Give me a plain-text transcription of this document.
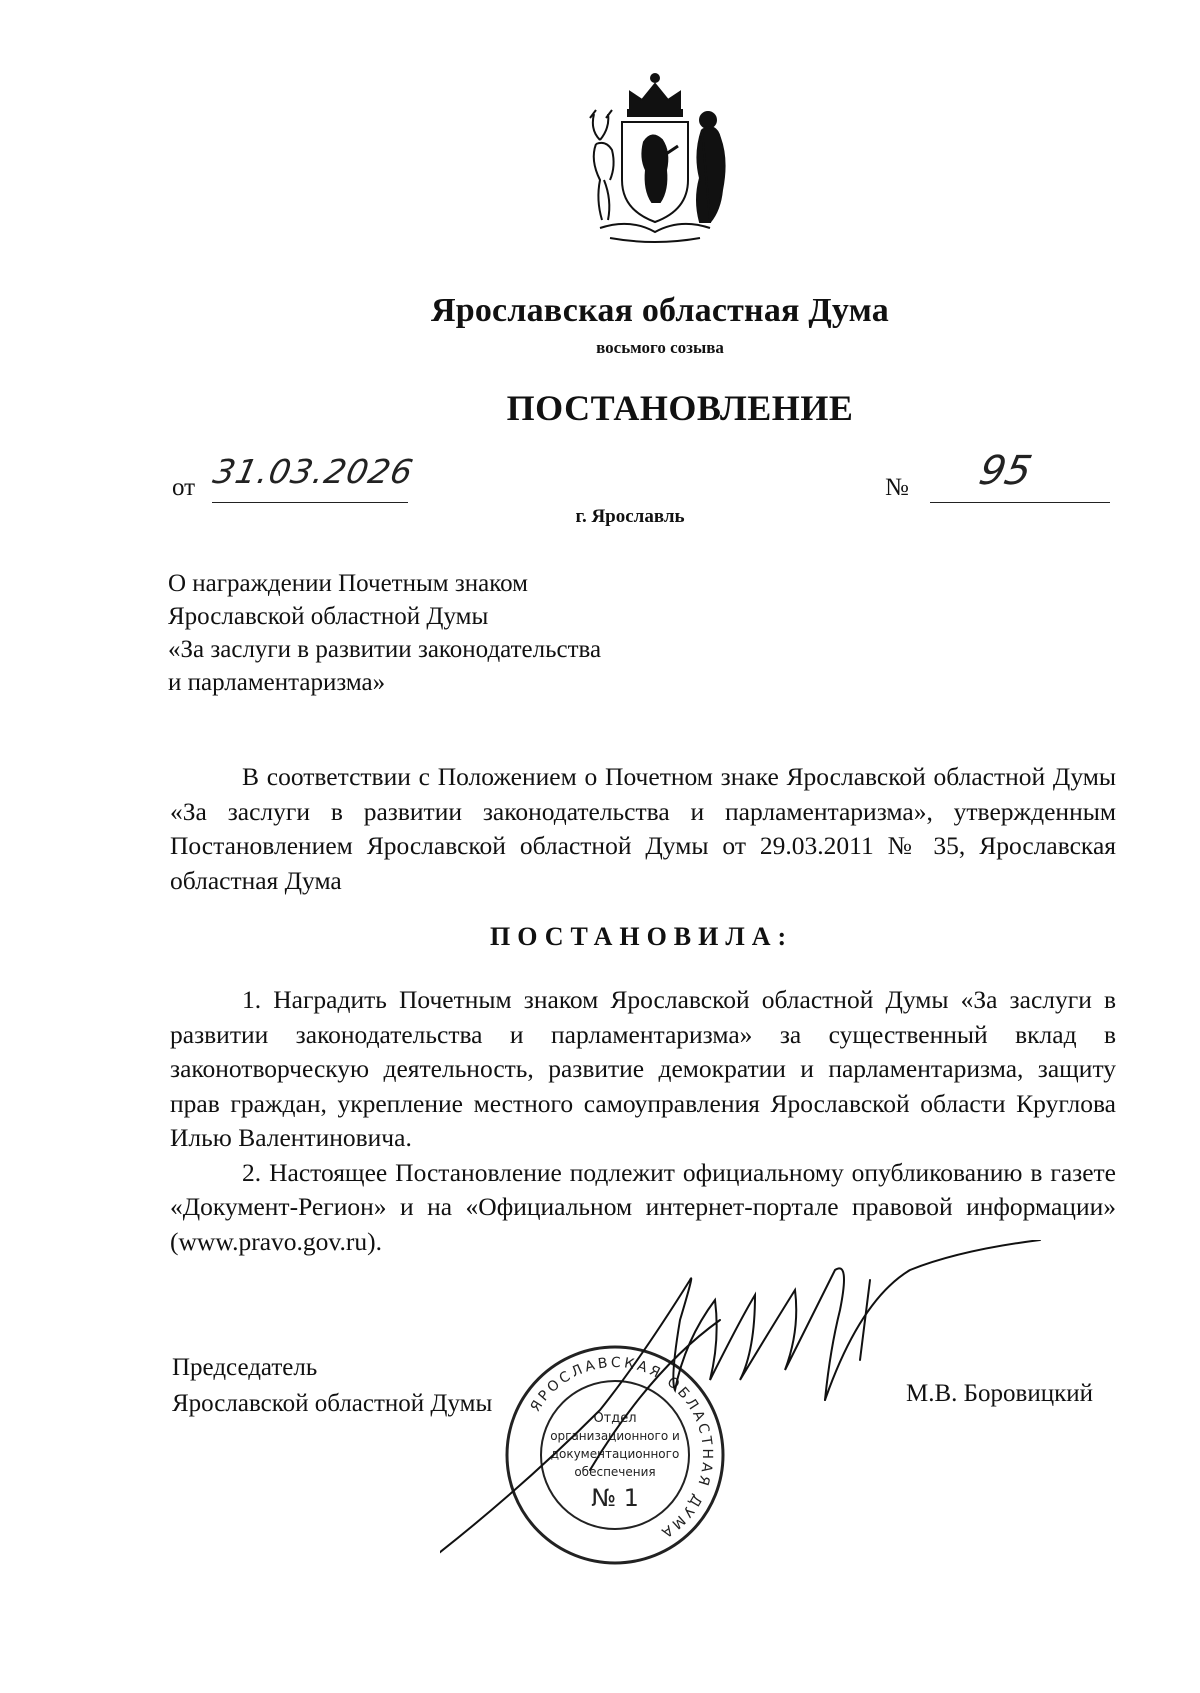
Ярославская областная Дума
восьмого созыва
ПОСТАНОВЛЕНИЕ
от 31.03.2026	№ 95
г. Ярославль
О награждении Почетным знаком
Ярославской областной Думы
«За заслуги в развитии законодательства
и парламентаризма»
В соответствии с Положением о Почетном знаке Ярославской областной Думы «За заслуги в развитии законодательства и парламентаризма», утвержденным Постановлением Ярославской областной Думы от 29.03.2011 № 35, Ярославская областная Дума
ПОСТАНОВИЛА:
1. Наградить Почетным знаком Ярославской областной Думы «За заслуги в развитии законодательства и парламентаризма» за существенный вклад в законотворческую деятельность, развитие демократии и парламентаризма, защиту прав граждан, укрепление местного самоуправления Ярославской области Круглова Илью Валентиновича.
2. Настоящее Постановление подлежит официальному опубликованию в газете «Документ-Регион» и на «Официальном интернет-портале правовой информации» (www.pravo.gov.ru).
Председатель
Ярославской областной Думы	М.В. Боровицкий
ЯРОСЛАВСКАЯ ОБЛАСТНАЯ ДУМА
Отдел
организационного и
документационного
обеспечения
№ 1
